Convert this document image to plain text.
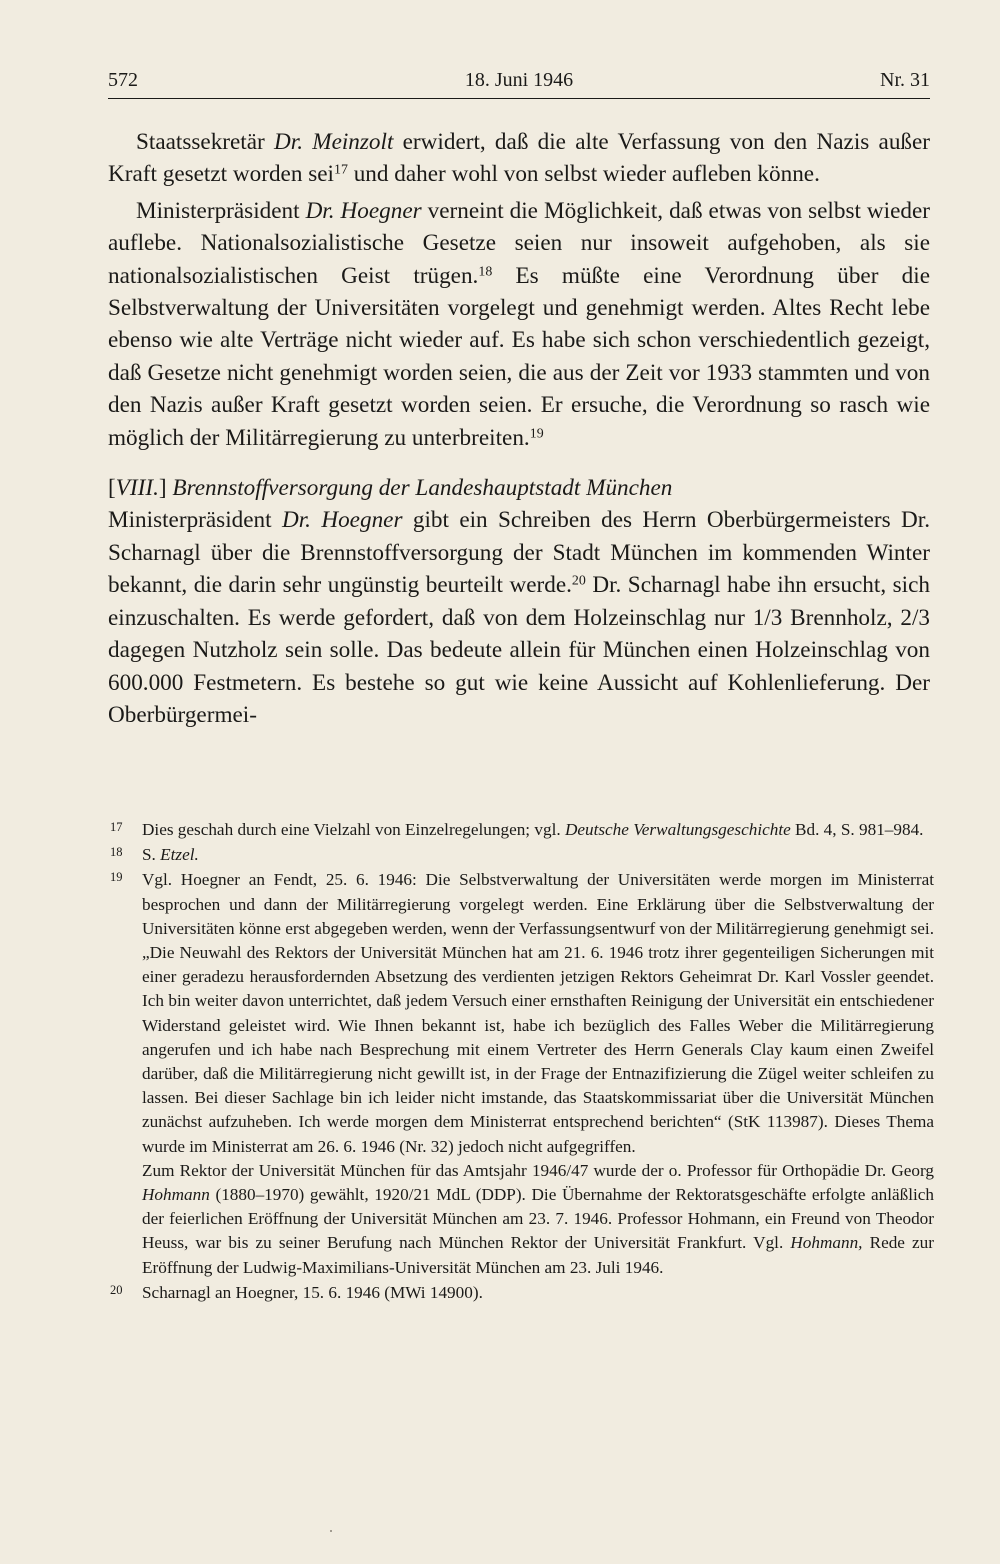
572	18. Juni 1946	Nr. 31

Staatssekretär Dr. Meinzolt erwidert, daß die alte Verfassung von den Nazis außer Kraft gesetzt worden sei$^{17}$ und daher wohl von selbst wieder aufleben könne.

Ministerpräsident Dr. Hoegner verneint die Möglichkeit, daß etwas von selbst wieder auflebe. Nationalsozialistische Gesetze seien nur insoweit aufgehoben, als sie nationalsozialistischen Geist trügen.$^{18}$ Es müßte eine Verordnung über die Selbstverwaltung der Universitäten vorgelegt und genehmigt werden. Altes Recht lebe ebenso wie alte Verträge nicht wieder auf. Es habe sich schon verschiedentlich gezeigt, daß Gesetze nicht genehmigt worden seien, die aus der Zeit vor 1933 stammten und von den Nazis außer Kraft gesetzt worden seien. Er ersuche, die Verordnung so rasch wie möglich der Militärregierung zu unterbreiten.$^{19}$

[VIII.] Brennstoffversorgung der Landeshauptstadt München

Ministerpräsident Dr. Hoegner gibt ein Schreiben des Herrn Oberbürgermeisters Dr. Scharnagl über die Brennstoffversorgung der Stadt München im kommenden Winter bekannt, die darin sehr ungünstig beurteilt werde.$^{20}$ Dr. Scharnagl habe ihn ersucht, sich einzuschalten. Es werde gefordert, daß von dem Holzeinschlag nur 1/3 Brennholz, 2/3 dagegen Nutzholz sein solle. Das bedeute allein für München einen Holzeinschlag von 600.000 Festmetern. Es bestehe so gut wie keine Aussicht auf Kohlenlieferung. Der Oberbürgermei-

17 Dies geschah durch eine Vielzahl von Einzelregelungen; vgl. Deutsche Verwaltungsgeschichte Bd. 4, S. 981–984.

18 S. Etzel.

19 Vgl. Hoegner an Fendt, 25. 6. 1946: Die Selbstverwaltung der Universitäten werde morgen im Ministerrat besprochen und dann der Militärregierung vorgelegt werden. Eine Erklärung über die Selbstverwaltung der Universitäten könne erst abgegeben werden, wenn der Verfassungsentwurf von der Militärregierung genehmigt sei. „Die Neuwahl des Rektors der Universität München hat am 21. 6. 1946 trotz ihrer gegenteiligen Sicherungen mit einer geradezu herausfordernden Absetzung des verdienten jetzigen Rektors Geheimrat Dr. Karl Vossler geendet. Ich bin weiter davon unterrichtet, daß jedem Versuch einer ernsthaften Reinigung der Universität ein entschiedener Widerstand geleistet wird. Wie Ihnen bekannt ist, habe ich bezüglich des Falles Weber die Militärregierung angerufen und ich habe nach Besprechung mit einem Vertreter des Herrn Generals Clay kaum einen Zweifel darüber, daß die Militärregierung nicht gewillt ist, in der Frage der Entnazifizierung die Zügel weiter schleifen zu lassen. Bei dieser Sachlage bin ich leider nicht imstande, das Staatskommissariat über die Universität München zunächst aufzuheben. Ich werde morgen dem Ministerrat entsprechend berichten“ (StK 113987). Dieses Thema wurde im Ministerrat am 26. 6. 1946 (Nr. 32) jedoch nicht aufgegriffen.

Zum Rektor der Universität München für das Amtsjahr 1946/47 wurde der o. Professor für Orthopädie Dr. Georg Hohmann (1880–1970) gewählt, 1920/21 MdL (DDP). Die Übernahme der Rektoratsgeschäfte erfolgte anläßlich der feierlichen Eröffnung der Universität München am 23. 7. 1946. Professor Hohmann, ein Freund von Theodor Heuss, war bis zu seiner Berufung nach München Rektor der Universität Frankfurt. Vgl. Hohmann, Rede zur Eröffnung der Ludwig-Maximilians-Universität München am 23. Juli 1946.

20 Scharnagl an Hoegner, 15. 6. 1946 (MWi 14900).
